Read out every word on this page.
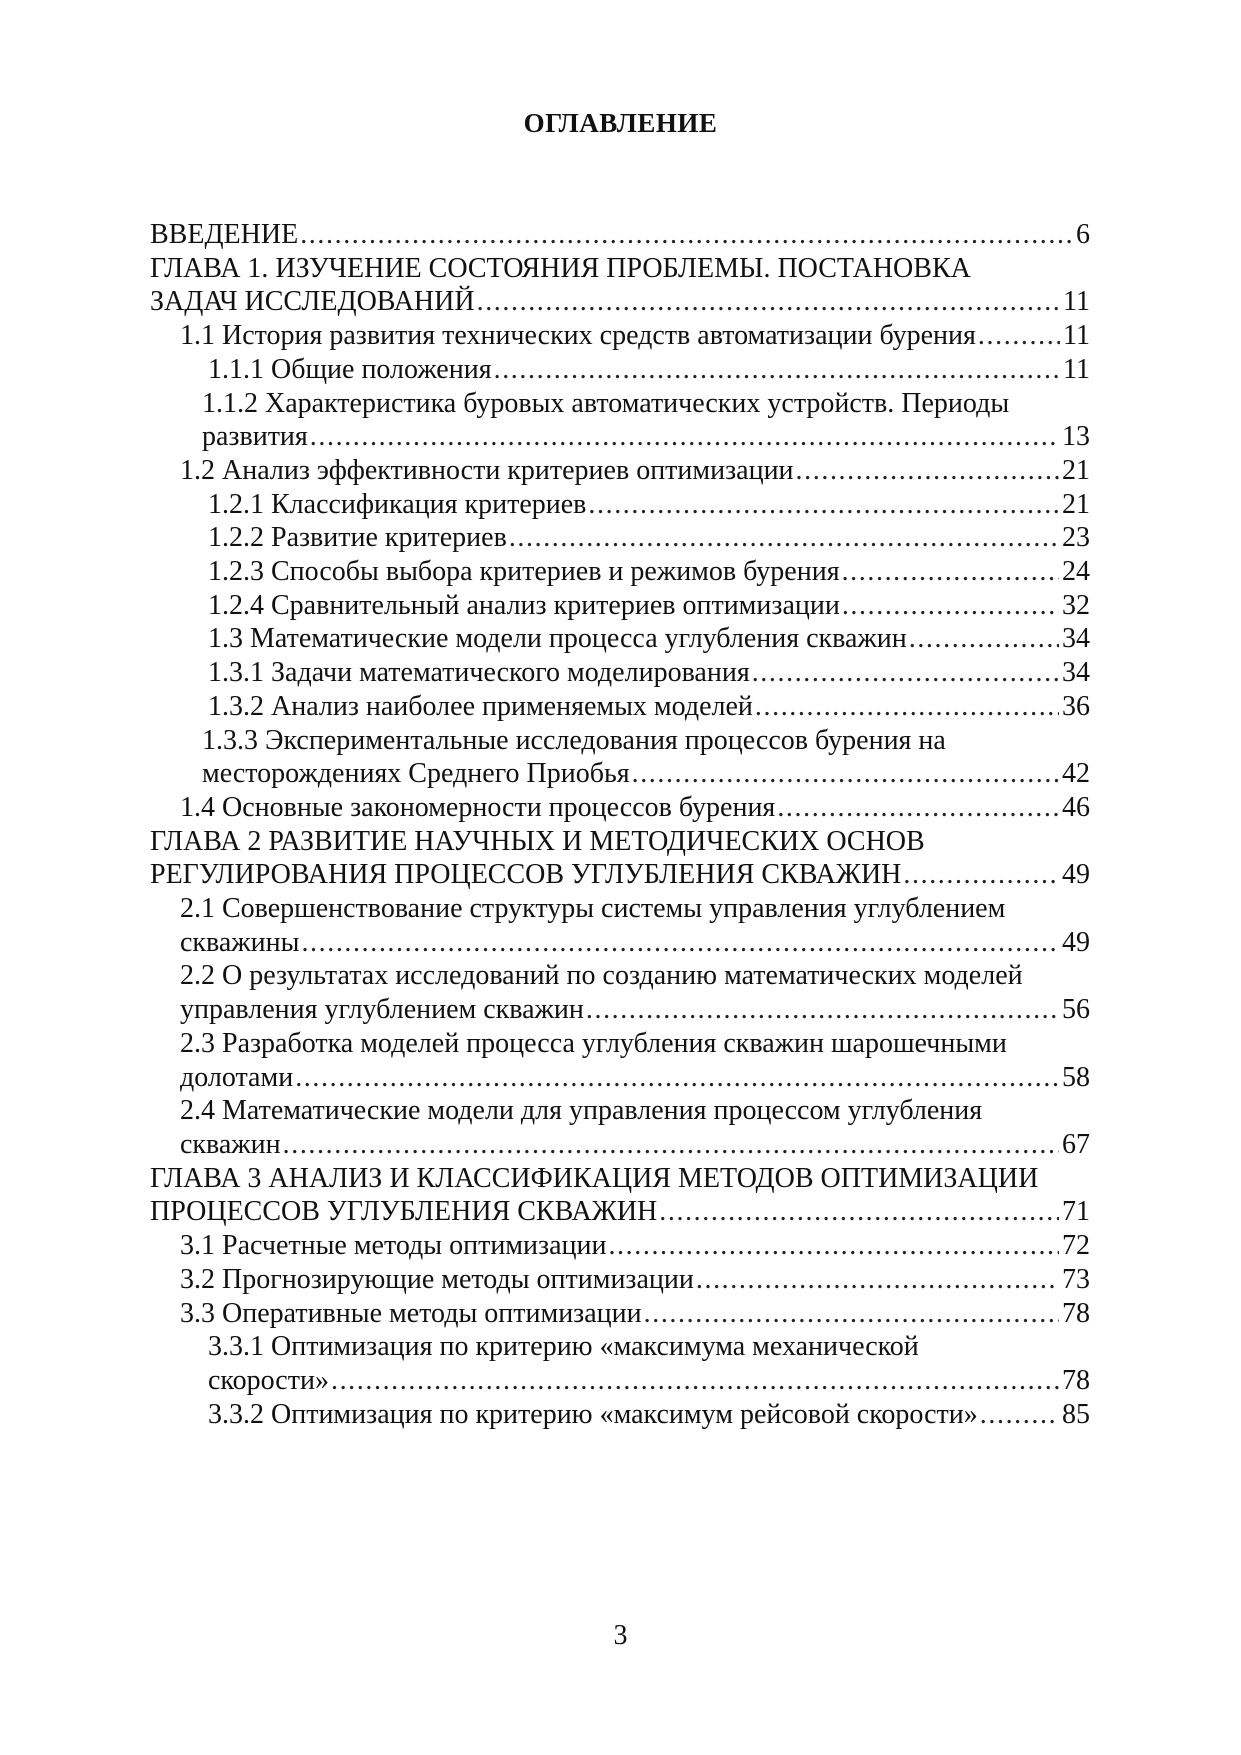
ОГЛАВЛЕНИЕ
ВВЕДЕНИЕ .....	6
ГЛАВА 1. ИЗУЧЕНИЕ СОСТОЯНИЯ ПРОБЛЕМЫ. ПОСТАНОВКА
ЗАДАЧ ИССЛЕДОВАНИЙ .....	11
1.1 История развития технических средств автоматизации бурения .....	11
1.1.1 Общие положения .....	11
1.1.2 Характеристика буровых автоматических устройств. Периоды
развития .....	13
1.2 Анализ эффективности критериев оптимизации .....	21
1.2.1 Классификация критериев .....	21
1.2.2 Развитие критериев .....	23
1.2.3 Способы выбора критериев и режимов бурения .....	24
1.2.4 Сравнительный анализ критериев оптимизации .....	32
1.3 Математические модели процесса углубления скважин .....	34
1.3.1 Задачи математического моделирования .....	34
1.3.2 Анализ наиболее применяемых моделей .....	36
1.3.3 Экспериментальные исследования процессов бурения на
месторождениях Среднего Приобья .....	42
1.4 Основные закономерности процессов бурения .....	46
ГЛАВА 2 РАЗВИТИЕ НАУЧНЫХ И МЕТОДИЧЕСКИХ ОСНОВ
РЕГУЛИРОВАНИЯ ПРОЦЕССОВ УГЛУБЛЕНИЯ СКВАЖИН .....	49
2.1 Совершенствование структуры системы управления углублением
скважины .....	49
2.2 О результатах исследований по созданию математических моделей
управления углублением скважин .....	56
2.3 Разработка моделей процесса углубления скважин шарошечными
долотами .....	58
2.4 Математические модели для управления процессом углубления
скважин .....	67
ГЛАВА 3 АНАЛИЗ И КЛАССИФИКАЦИЯ МЕТОДОВ ОПТИМИЗАЦИИ
ПРОЦЕССОВ УГЛУБЛЕНИЯ СКВАЖИН .....	71
3.1 Расчетные методы оптимизации .....	72
3.2 Прогнозирующие методы оптимизации .....	73
3.3 Оперативные методы оптимизации .....	78
3.3.1 Оптимизация по критерию «максимума механической
скорости» .....	78
3.3.2 Оптимизация по критерию «максимум рейсовой скорости» .....	85
3
